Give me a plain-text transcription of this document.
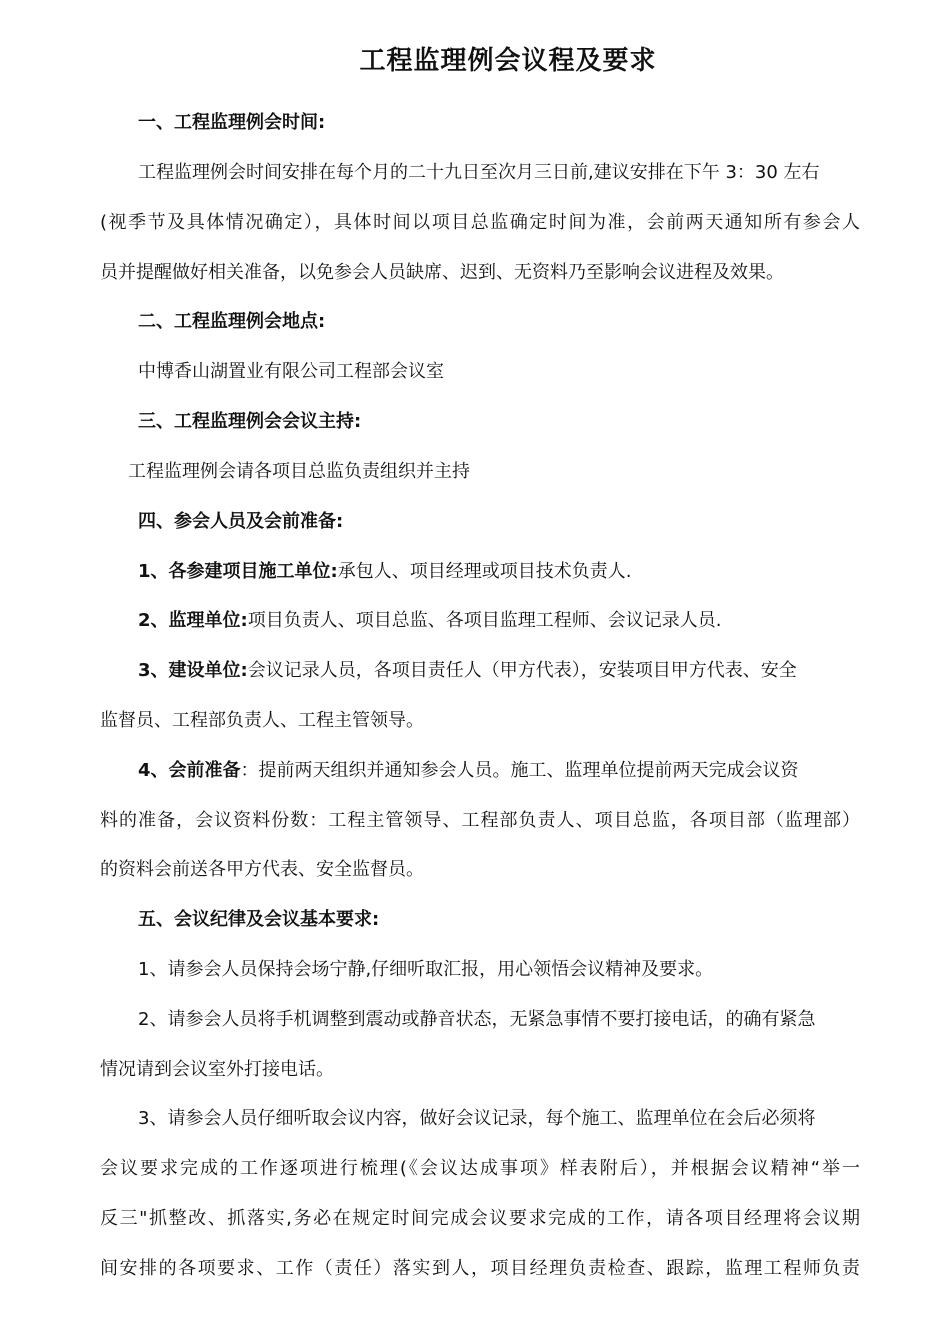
工程监理例会议程及要求
一、工程监理例会时间:
工程监理例会时间安排在每个月的二十九日至次月三日前,建议安排在下午 3：30 左右
(视季节及具体情况确定），具体时间以项目总监确定时间为准，会前两天通知所有参会人
员并提醒做好相关准备，以免参会人员缺席、迟到、无资料乃至影响会议进程及效果。
二、工程监理例会地点:
中博香山湖置业有限公司工程部会议室
三、工程监理例会会议主持:
工程监理例会请各项目总监负责组织并主持
四、参会人员及会前准备:
1、各参建项目施工单位:承包人、项目经理或项目技术负责人.
2、监理单位:项目负责人、项目总监、各项目监理工程师、会议记录人员.
3、建设单位:会议记录人员，各项目责任人（甲方代表），安装项目甲方代表、安全
监督员、工程部负责人、工程主管领导。
4、会前准备：提前两天组织并通知参会人员。施工、监理单位提前两天完成会议资
料的准备，会议资料份数：工程主管领导、工程部负责人、项目总监，各项目部（监理部）
的资料会前送各甲方代表、安全监督员。
五、会议纪律及会议基本要求:
1、请参会人员保持会场宁静,仔细听取汇报，用心领悟会议精神及要求。
2、请参会人员将手机调整到震动或静音状态，无紧急事情不要打接电话，的确有紧急
情况请到会议室外打接电话。
3、请参会人员仔细听取会议内容，做好会议记录，每个施工、监理单位在会后必须将
会议要求完成的工作逐项进行梳理(《会议达成事项》样表附后），并根据会议精神“举一
反三"抓整改、抓落实,务必在规定时间完成会议要求完成的工作，请各项目经理将会议期
间安排的各项要求、工作（责任）落实到人，项目经理负责检查、跟踪，监理工程师负责
